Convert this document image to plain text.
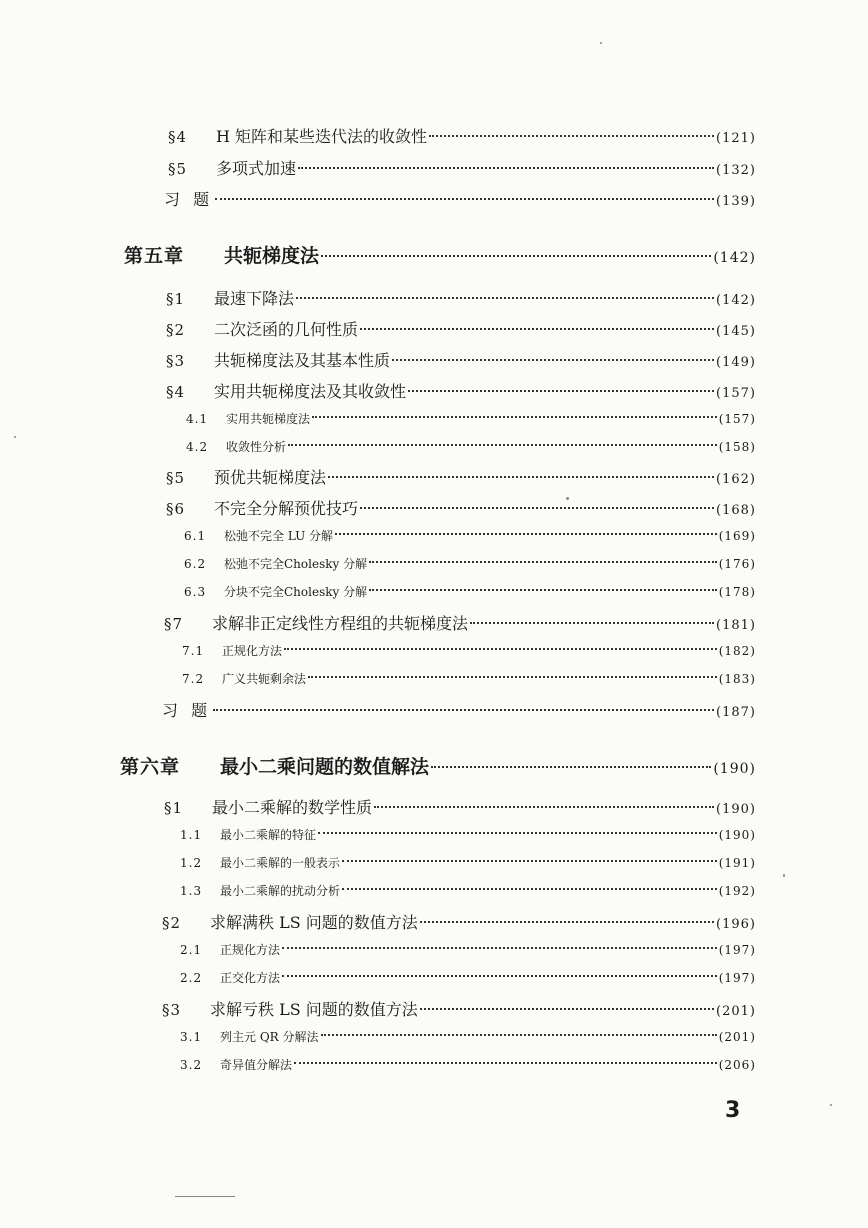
§4	H 矩阵和某些迭代法的收敛性	(121)
§5	多项式加速	(132)
习 题	(139)
第五章	共轭梯度法	(142)
§1	最速下降法	(142)
§2	二次泛函的几何性质	(145)
§3	共轭梯度法及其基本性质	(149)
§4	实用共轭梯度法及其收敛性	(157)
4.1	实用共轭梯度法	(157)
4.2	收敛性分析	(158)
§5	预优共轭梯度法	(162)
§6	不完全分解预优技巧	(168)
6.1	松弛不完全 LU 分解	(169)
6.2	松弛不完全Cholesky 分解	(176)
6.3	分块不完全Cholesky 分解	(178)
§7	求解非正定线性方程组的共轭梯度法	(181)
7.1	正规化方法	(182)
7.2	广义共轭剩余法	(183)
习 题	(187)
第六章	最小二乘问题的数值解法	(190)
§1	最小二乘解的数学性质	(190)
1.1	最小二乘解的特征	(190)
1.2	最小二乘解的一般表示	(191)
1.3	最小二乘解的扰动分析	(192)
§2	求解满秩 LS 问题的数值方法	(196)
2.1	正规化方法	(197)
2.2	正交化方法	(197)
§3	求解亏秩 LS 问题的数值方法	(201)
3.1	列主元 QR 分解法	(201)
3.2	奇异值分解法	(206)
3
